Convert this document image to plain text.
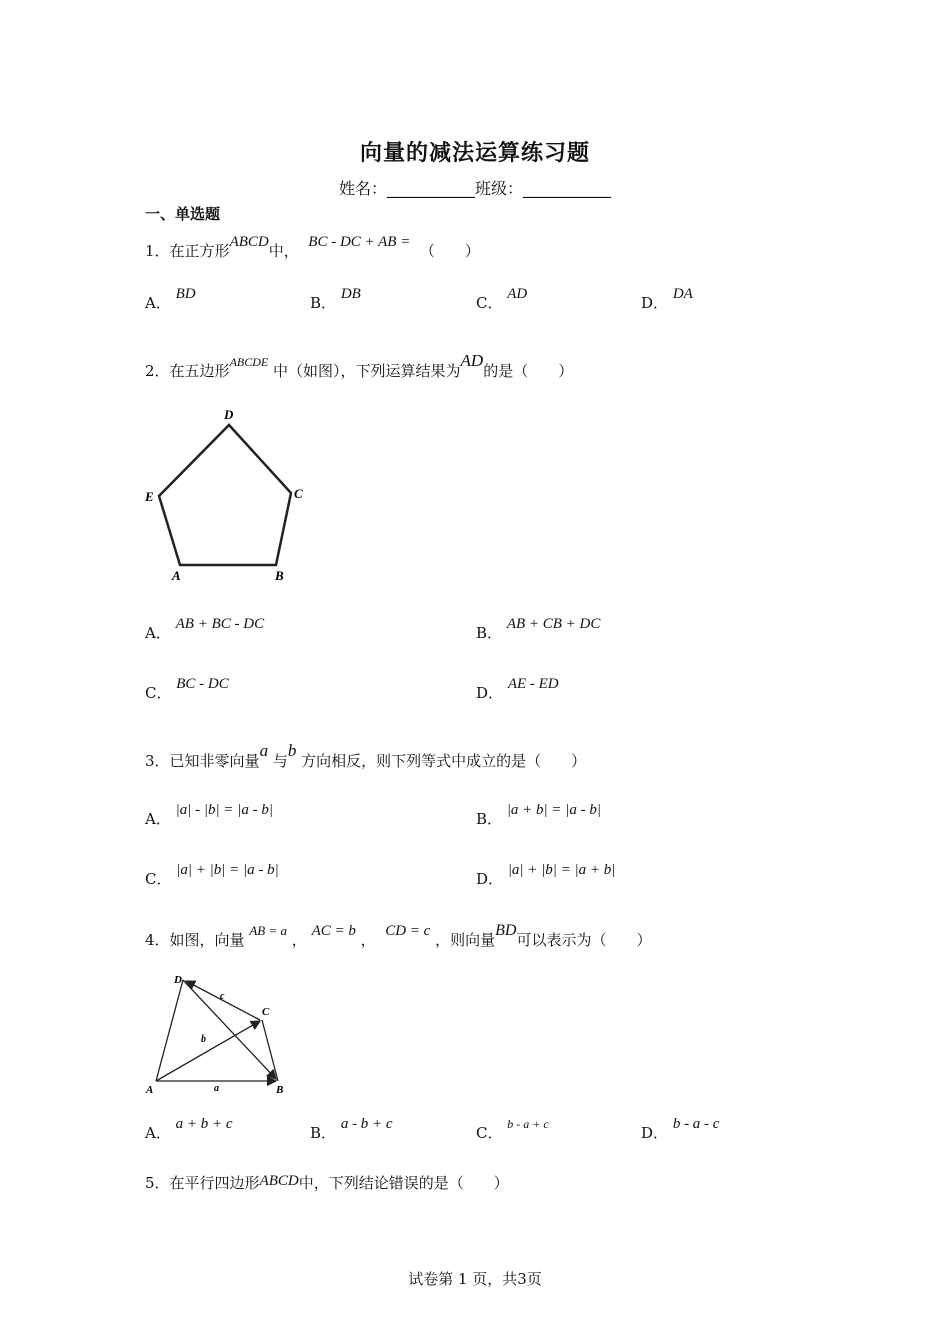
向量的减法运算练习题
姓名：___________班级：___________
一、单选题
1．在正方形ABCD中， BC - DC + AB = （　　）
A． BD	B． DB	C． AD	D． DA
2．在五边形$^{ABCDE}$ 中（如图），下列运算结果为AD的是（　　）
D
C
E
A	B
A． AB + BC - DC	B． AB + CB + DC
C． BC - DC	D． AE - ED
3．已知非零向量a 与b 方向相反，则下列等式中成立的是（　　）
A． |a| - |b| = |a - b|	B． |a + b| = |a - b|
C． |a| + |b| = |a - b|	D． |a| + |b| = |a + b|
4．如图，向量 AB = a ， AC = b ， CD = c ，则向量BD可以表示为（　　）
D
C
A	B
a
b
c
A． a + b + c	B． a - b + c	C． $^{b - a + c}$	D． b - a - c
5．在平行四边形ABCD中，下列结论错误的是（　　）
试卷第 1 页，共3页
